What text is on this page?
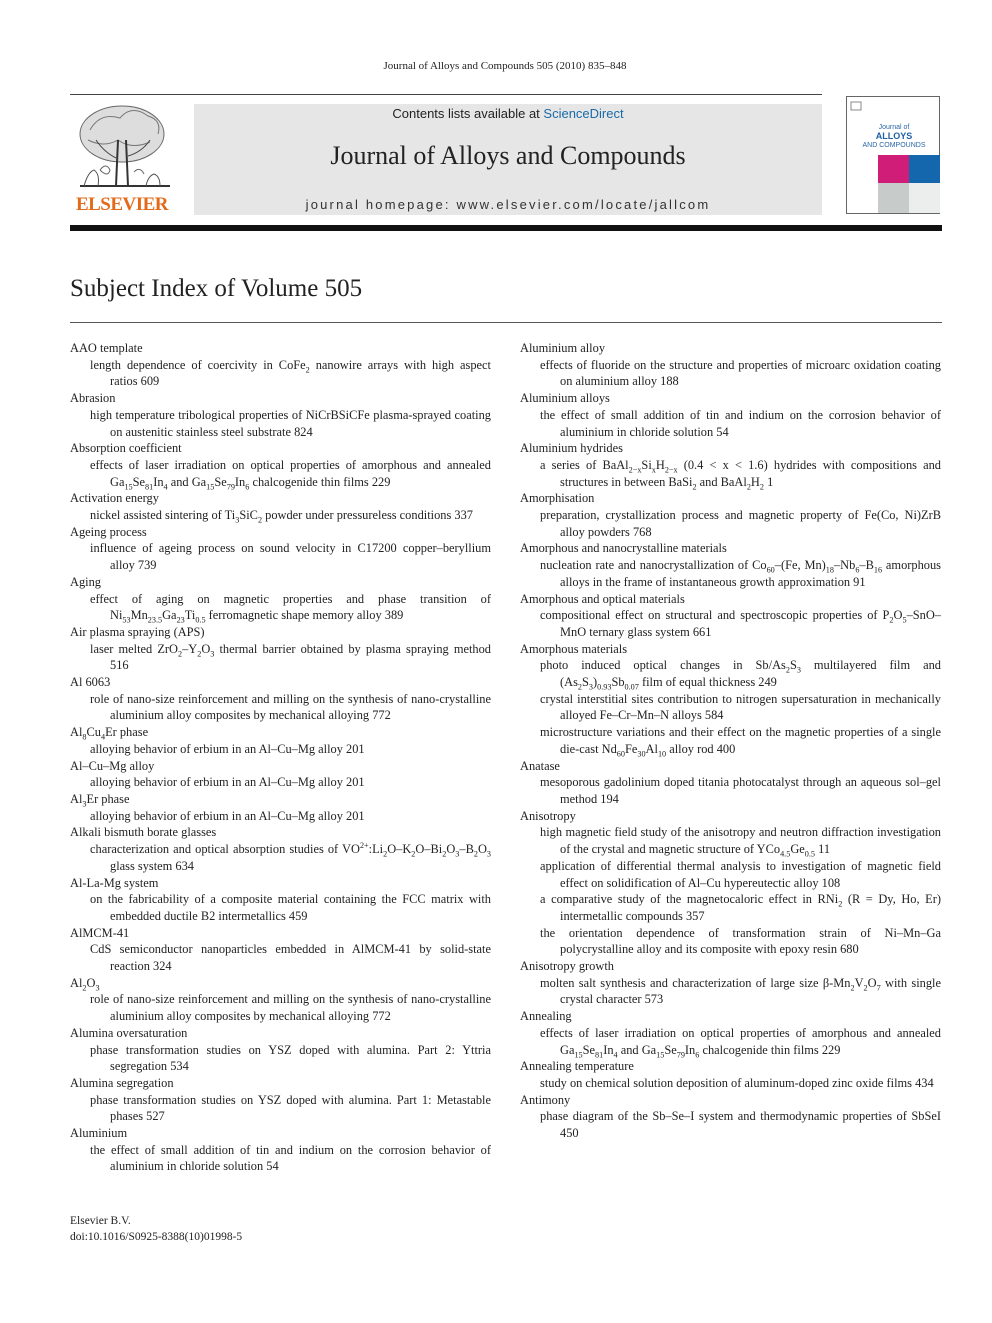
Journal of Alloys and Compounds 505 (2010) 835–848
ELSEVIER
Contents lists available at ScienceDirect
Journal of Alloys and Compounds
journal homepage: www.elsevier.com/locate/jallcom
Journal of
ALLOYS
AND COMPOUNDS
Subject Index of Volume 505
AAO template
length dependence of coercivity in CoFe$_2$ nanowire arrays with high aspect ratios 609
Abrasion
high temperature tribological properties of NiCrBSiCFe plasma-sprayed coating on austenitic stainless steel substrate 824
Absorption coefficient
effects of laser irradiation on optical properties of amorphous and annealed $Ga_{15}Se_{81}In_4$ and $Ga_{15}Se_{79}In_6$ chalcogenide thin films 229
Activation energy
nickel assisted sintering of $Ti_3SiC_2$ powder under pressureless conditions 337
Ageing process
influence of ageing process on sound velocity in C17200 copper–beryllium alloy 739
Aging
effect of aging on magnetic properties and phase transition of $Ni_{53}Mn_{23.5}Ga_{23}Ti_{0.5}$ ferromagnetic shape memory alloy 389
Air plasma spraying (APS)
laser melted $ZrO_2-Y_2O_3$ thermal barrier obtained by plasma spraying method 516
Al 6063
role of nano-size reinforcement and milling on the synthesis of nano-crystalline aluminium alloy composites by mechanical alloying 772
$Al_8Cu_4Er$ phase
alloying behavior of erbium in an Al–Cu–Mg alloy 201
Al–Cu–Mg alloy
alloying behavior of erbium in an Al–Cu–Mg alloy 201
$Al_3Er$ phase
alloying behavior of erbium in an Al–Cu–Mg alloy 201
Alkali bismuth borate glasses
characterization and optical absorption studies of $VO^{2+}:Li_2O-K_2O-Bi_2O_3-B_2O_3$ glass system 634
Al-La-Mg system
on the fabricability of a composite material containing the FCC matrix with embedded ductile B2 intermetallics 459
AlMCM-41
CdS semiconductor nanoparticles embedded in AlMCM-41 by solid-state reaction 324
$Al_2O_3$
role of nano-size reinforcement and milling on the synthesis of nano-crystalline aluminium alloy composites by mechanical alloying 772
Alumina oversaturation
phase transformation studies on YSZ doped with alumina. Part 2: Yttria segregation 534
Alumina segregation
phase transformation studies on YSZ doped with alumina. Part 1: Metastable phases 527
Aluminium
the effect of small addition of tin and indium on the corrosion behavior of aluminium in chloride solution 54
Aluminium alloy
effects of fluoride on the structure and properties of microarc oxidation coating on aluminium alloy 188
Aluminium alloys
the effect of small addition of tin and indium on the corrosion behavior of aluminium in chloride solution 54
Aluminium hydrides
a series of $BaAl_{2-x}Si_xH_{2-x}$ (0.4 < x < 1.6) hydrides with compositions and structures in between BaSi$_2$ and $BaAl_2H_2$ 1
Amorphisation
preparation, crystallization process and magnetic property of Fe(Co, Ni)ZrB alloy powders 768
Amorphous and nanocrystalline materials
nucleation rate and nanocrystallization of $Co_{60}-(Fe$, $Mn)_{18}-Nb_6-B_{16}$ amorphous alloys in the frame of instantaneous growth approximation 91
Amorphous and optical materials
compositional effect on structural and spectroscopic properties of $P_2O_5-SnO$–MnO ternary glass system 661
Amorphous materials
photo induced optical changes in $Sb/As_2S_3$ multilayered film and $(As_2S_3)_{0.93}Sb_{0.07}$ film of equal thickness 249
crystal interstitial sites contribution to nitrogen supersaturation in mechanically alloyed Fe–Cr–Mn–N alloys 584
microstructure variations and their effect on the magnetic properties of a single die-cast $Nd_{60}Fe_{30}Al_{10}$ alloy rod 400
Anatase
mesoporous gadolinium doped titania photocatalyst through an aqueous sol–gel method 194
Anisotropy
high magnetic field study of the anisotropy and neutron diffraction investigation of the crystal and magnetic structure of $YCo_{4.5}Ge_{0.5}$ 11
application of differential thermal analysis to investigation of magnetic field effect on solidification of Al–Cu hypereutectic alloy 108
a comparative study of the magnetocaloric effect in RNi$_2$ (R = Dy, Ho, Er) intermetallic compounds 357
the orientation dependence of transformation strain of Ni–Mn–Ga polycrystalline alloy and its composite with epoxy resin 680
Anisotropy growth
molten salt synthesis and characterization of large size $\beta-Mn_2V_2O_7$ with single crystal character 573
Annealing
effects of laser irradiation on optical properties of amorphous and annealed $Ga_{15}Se_{81}In_4$ and $Ga_{15}Se_{79}In_6$ chalcogenide thin films 229
Annealing temperature
study on chemical solution deposition of aluminum-doped zinc oxide films 434
Antimony
phase diagram of the Sb–Se–I system and thermodynamic properties of SbSeI 450
Elsevier B.V.
doi:10.1016/S0925-8388(10)01998-5
